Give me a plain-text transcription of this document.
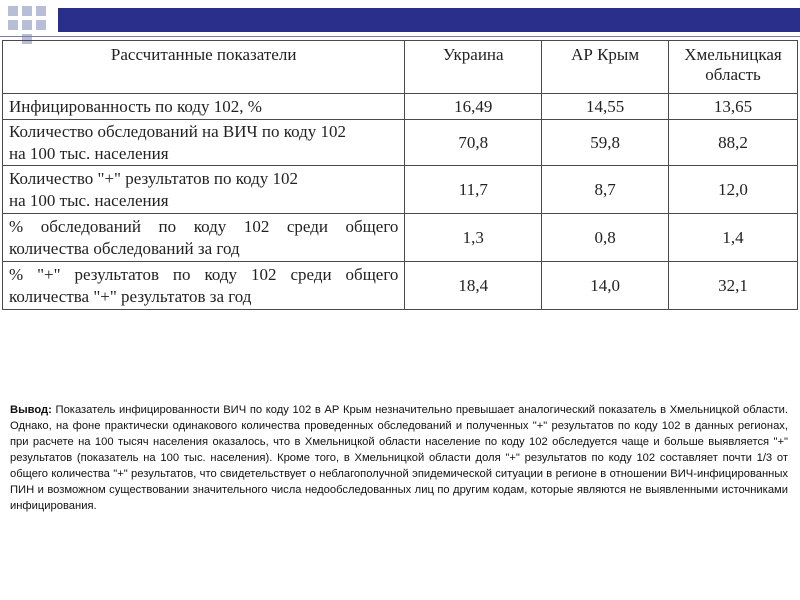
Рассчитанные показатели	Украина	АР Крым	Хмельницкая область
Инфицированность по коду 102, %	16,49	14,55	13,65
Количество обследований на ВИЧ по коду 102
на 100 тыс. населения	70,8	59,8	88,2
Количество "+" результатов по коду 102
на 100 тыс. населения	11,7	8,7	12,0

% обследований по коду 102 среди общего
количества обследований за год	1,3	0,8	1,4

% "+" результатов по коду 102 среди общего
количества "+" результатов за год	18,4	14,0	32,1
Вывод: Показатель инфицированности ВИЧ по коду 102 в АР Крым незначительно превышает аналогический показатель в Хмельницкой области. Однако, на фоне практически одинакового количества проведенных обследований и полученных "+" результатов по коду 102 в данных регионах, при расчете на 100 тысяч населения оказалось, что в Хмельницкой области население по коду 102 обследуется чаще и больше выявляется "+" результатов (показатель на 100 тыс. населения). Кроме того, в Хмельницкой области доля "+" результатов по коду 102 составляет почти 1/3 от общего количества "+" результатов, что свидетельствует о неблагополучной эпидемической ситуации в регионе в отношении ВИЧ-инфицированных ПИН и возможном существовании значительного числа недообследованных лиц по другим кодам, которые являются не выявленными источниками инфицирования.
